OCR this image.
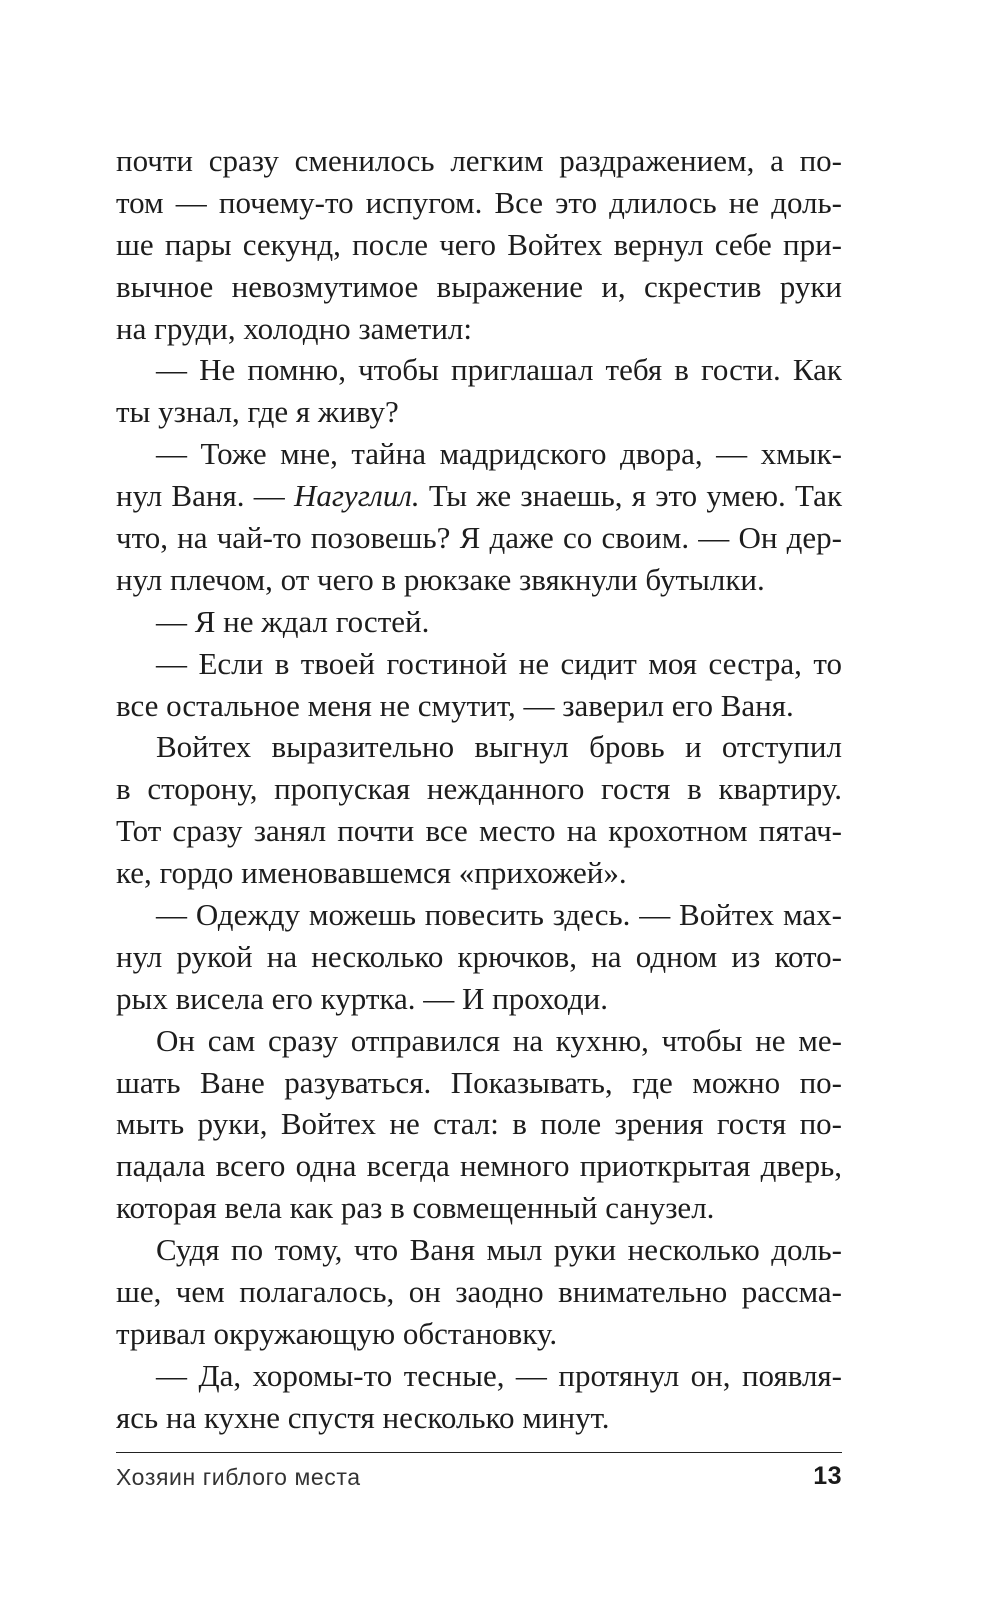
почти сразу сменилось легким раздражением, а по-
том — почему-то испугом. Все это длилось не доль-
ше пары секунд, после чего Войтех вернул себе при-
вычное невозмутимое выражение и, скрестив руки
на груди, холодно заметил:
— Не помню, чтобы приглашал тебя в гости. Как
ты узнал, где я живу?
— Тоже мне, тайна мадридского двора, — хмык-
нул Ваня. — Нагуглил. Ты же знаешь, я это умею. Так
что, на чай-то позовешь? Я даже со своим. — Он дер-
нул плечом, от чего в рюкзаке звякнули бутылки.
— Я не ждал гостей.
— Если в твоей гостиной не сидит моя сестра, то
все остальное меня не смутит, — заверил его Ваня.
Войтех выразительно выгнул бровь и отступил
в сторону, пропуская нежданного гостя в квартиру.
Тот сразу занял почти все место на крохотном пятач-
ке, гордо именовавшемся «прихожей».
— Одежду можешь повесить здесь. — Войтех мах-
нул рукой на несколько крючков, на одном из кото-
рых висела его куртка. — И проходи.
Он сам сразу отправился на кухню, чтобы не ме-
шать Ване разуваться. Показывать, где можно по-
мыть руки, Войтех не стал: в поле зрения гостя по-
падала всего одна всегда немного приоткрытая дверь,
которая вела как раз в совмещенный санузел.
Судя по тому, что Ваня мыл руки несколько доль-
ше, чем полагалось, он заодно внимательно рассма-
тривал окружающую обстановку.
— Да, хоромы-то тесные, — протянул он, появля-
ясь на кухне спустя несколько минут.
Хозяин гиблого места	13
